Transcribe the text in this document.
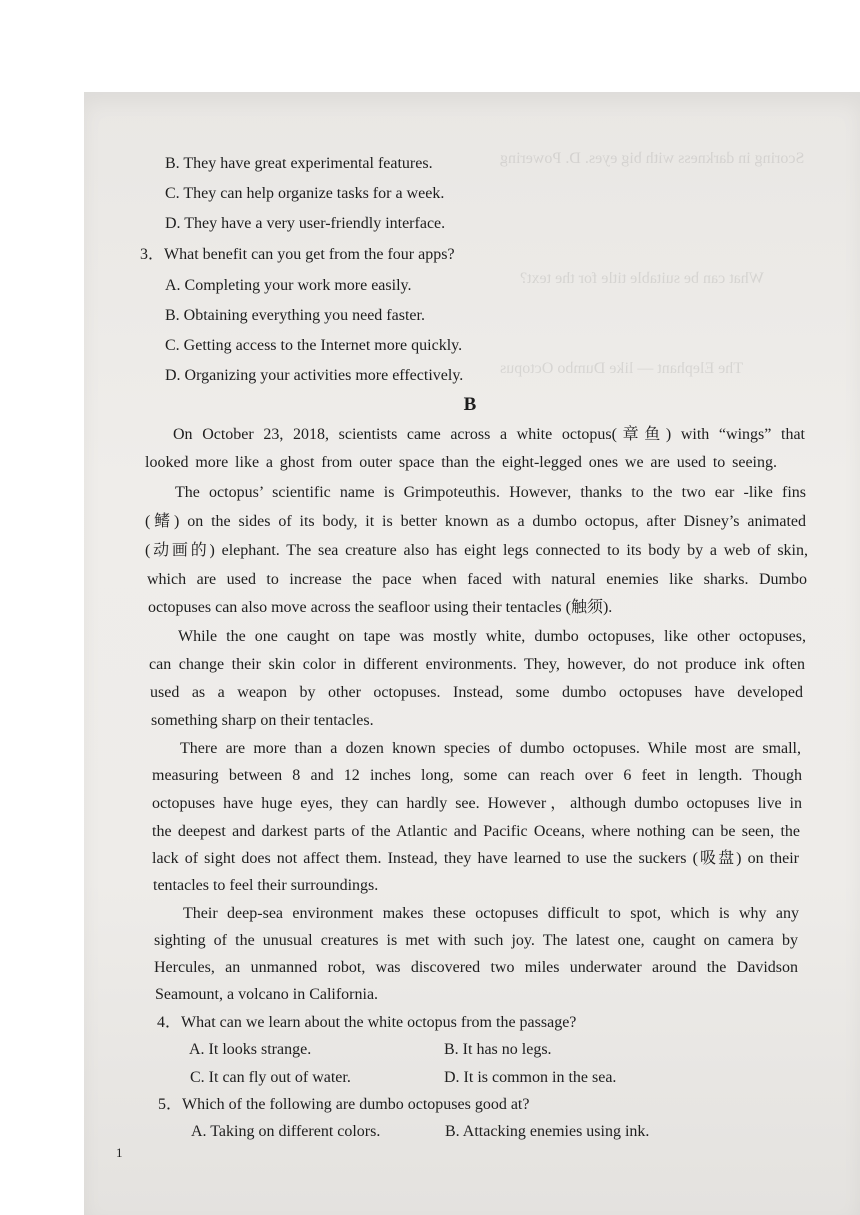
Scoring in darkness with big eyes. D. Powering
What can be suitable title for the text?
The Elephant — like Dumbo Octopus
B. They have great experimental features.
C. They can help organize tasks for a week.
D. They have a very user-friendly interface.
3．What benefit can you get from the four apps?
A. Completing your work more easily.
B. Obtaining everything you need faster.
C. Getting access to the Internet more quickly.
D. Organizing your activities more effectively.
B
On October 23, 2018, scientists came across a white octopus(章鱼) with “wings” that
looked more like a ghost from outer space than the eight-legged ones we are used to seeing.
The octopus’ scientific name is Grimpoteuthis. However, thanks to the two ear -like fins
(鳍) on the sides of its body, it is better known as a dumbo octopus, after Disney’s animated
(动画的) elephant. The sea creature also has eight legs connected to its body by a web of skin,
which are used to increase the pace when faced with natural enemies like sharks. Dumbo
octopuses can also move across the seafloor using their tentacles (触须).
While the one caught on tape was mostly white, dumbo octopuses, like other octopuses,
can change their skin color in different environments. They, however, do not produce ink often
used as a weapon by other octopuses. Instead, some dumbo octopuses have developed
something sharp on their tentacles.
There are more than a dozen known species of dumbo octopuses. While most are small,
measuring between 8 and 12 inches long, some can reach over 6 feet in length. Though
octopuses have huge eyes, they can hardly see. However，although dumbo octopuses live in
the deepest and darkest parts of the Atlantic and Pacific Oceans, where nothing can be seen, the
lack of sight does not affect them. Instead, they have learned to use the suckers (吸盘) on their
tentacles to feel their surroundings.
Their deep-sea environment makes these octopuses difficult to spot, which is why any
sighting of the unusual creatures is met with such joy. The latest one, caught on camera by
Hercules, an unmanned robot, was discovered two miles underwater around the Davidson
Seamount, a volcano in California.
4．What can we learn about the white octopus from the passage?
A. It looks strange.	B. It has no legs.
C. It can fly out of water.	D. It is common in the sea.
5．Which of the following are dumbo octopuses good at?
A. Taking on different colors.	B. Attacking enemies using ink.
1
